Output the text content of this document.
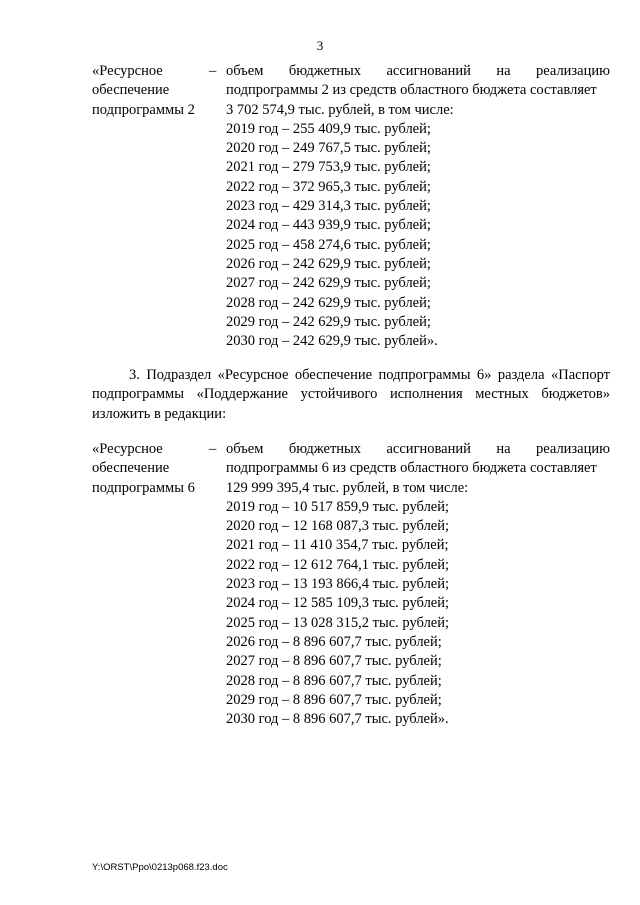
3
«Ресурсное
обеспечение
подпрограммы 2
– объем бюджетных ассигнований на реализацию
подпрограммы 2 из средств областного бюджета составляет
3 702 574,9 тыс. рублей, в том числе:
2019 год – 255 409,9 тыс. рублей;
2020 год – 249 767,5 тыс. рублей;
2021 год – 279 753,9 тыс. рублей;
2022 год – 372 965,3 тыс. рублей;
2023 год – 429 314,3 тыс. рублей;
2024 год – 443 939,9 тыс. рублей;
2025 год – 458 274,6 тыс. рублей;
2026 год – 242 629,9 тыс. рублей;
2027 год – 242 629,9 тыс. рублей;
2028 год – 242 629,9 тыс. рублей;
2029 год – 242 629,9 тыс. рублей;
2030 год – 242 629,9 тыс. рублей».
3. Подраздел «Ресурсное обеспечение подпрограммы 6» раздела «Паспорт подпрограммы «Поддержание устойчивого исполнения местных бюджетов» изложить в редакции:
«Ресурсное
обеспечение
подпрограммы 6
– объем бюджетных ассигнований на реализацию
подпрограммы 6 из средств областного бюджета составляет
129 999 395,4 тыс. рублей, в том числе:
2019 год – 10 517 859,9 тыс. рублей;
2020 год – 12 168 087,3 тыс. рублей;
2021 год – 11 410 354,7 тыс. рублей;
2022 год – 12 612 764,1 тыс. рублей;
2023 год – 13 193 866,4 тыс. рублей;
2024 год – 12 585 109,3 тыс. рублей;
2025 год – 13 028 315,2 тыс. рублей;
2026 год – 8 896 607,7 тыс. рублей;
2027 год – 8 896 607,7 тыс. рублей;
2028 год – 8 896 607,7 тыс. рублей;
2029 год – 8 896 607,7 тыс. рублей;
2030 год – 8 896 607,7 тыс. рублей».
Y:\ORST\Ppo\0213p068.f23.doc
